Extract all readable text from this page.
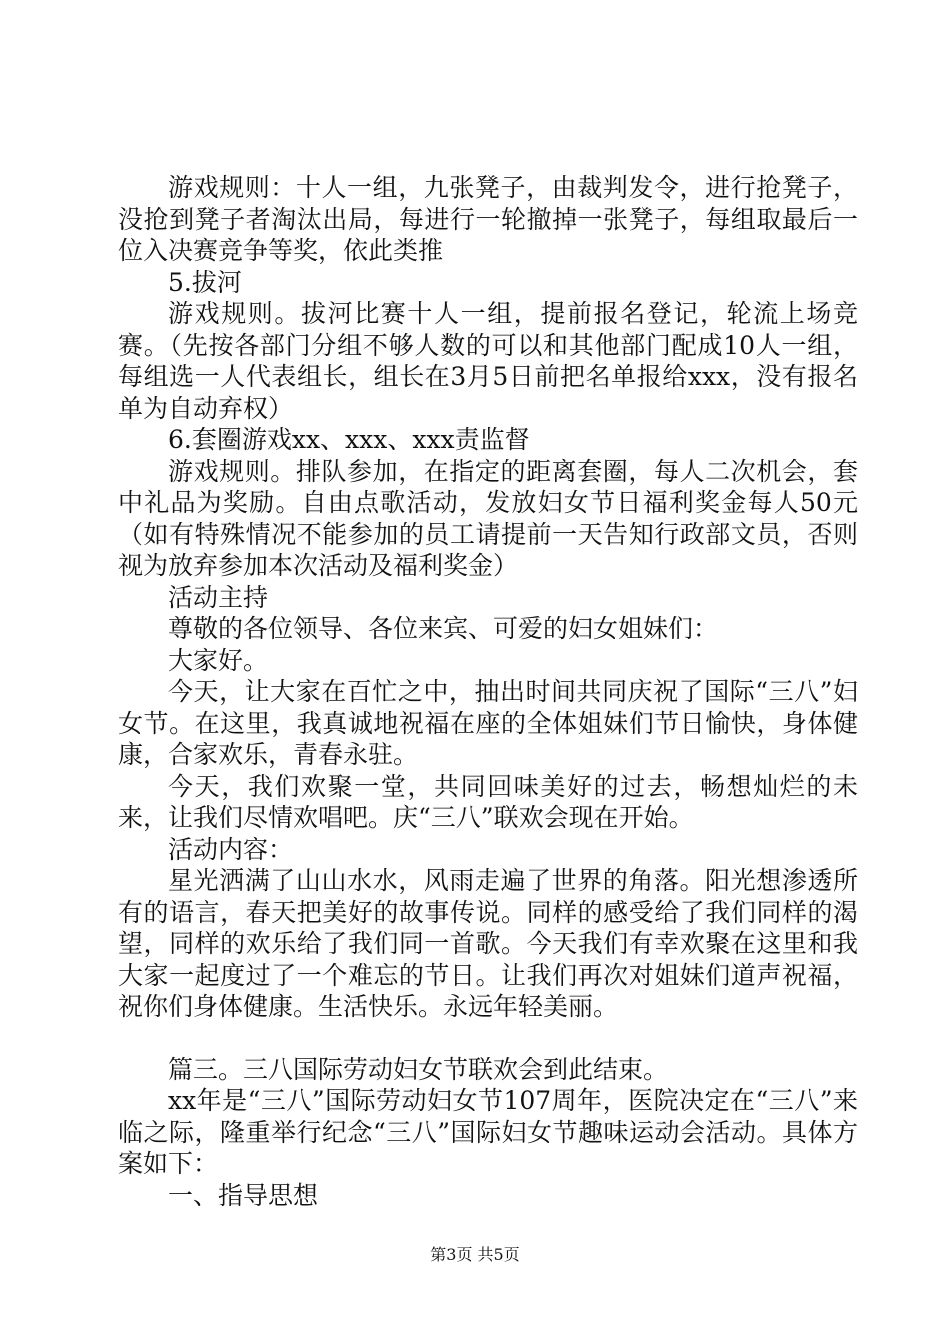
游戏规则：十人一组，九张凳子，由裁判发令，进行抢凳子，没抢到凳子者淘汰出局，每进行一轮撤掉一张凳子，每组取最后一位入决赛竞争等奖，依此类推

5.拔河

游戏规则。拔河比赛十人一组，提前报名登记，轮流上场竞赛。（先按各部门分组不够人数的可以和其他部门配成10人一组，每组选一人代表组长，组长在3月5日前把名单报给xxx，没有报名单为自动弃权）

6.套圈游戏xx、xxx、xxx责监督

游戏规则。排队参加，在指定的距离套圈，每人二次机会，套中礼品为奖励。自由点歌活动，发放妇女节日福利奖金每人50元（如有特殊情况不能参加的员工请提前一天告知行政部文员，否则视为放弃参加本次活动及福利奖金）

活动主持

尊敬的各位领导、各位来宾、可爱的妇女姐妹们：

大家好。

今天，让大家在百忙之中，抽出时间共同庆祝了国际“三八”妇女节。在这里，我真诚地祝福在座的全体姐妹们节日愉快，身体健康，合家欢乐，青春永驻。

今天，我们欢聚一堂，共同回味美好的过去，畅想灿烂的未来，让我们尽情欢唱吧。庆“三八”联欢会现在开始。

活动内容：

星光洒满了山山水水，风雨走遍了世界的角落。阳光想渗透所有的语言，春天把美好的故事传说。同样的感受给了我们同样的渴望，同样的欢乐给了我们同一首歌。今天我们有幸欢聚在这里和我大家一起度过了一个难忘的节日。让我们再次对姐妹们道声祝福，祝你们身体健康。生活快乐。永远年轻美丽。

篇三。三八国际劳动妇女节联欢会到此结束。

xx年是“三八”国际劳动妇女节107周年，医院决定在“三八”来临之际，隆重举行纪念“三八”国际妇女节趣味运动会活动。具体方案如下：

一、指导思想

第3页 共5页
